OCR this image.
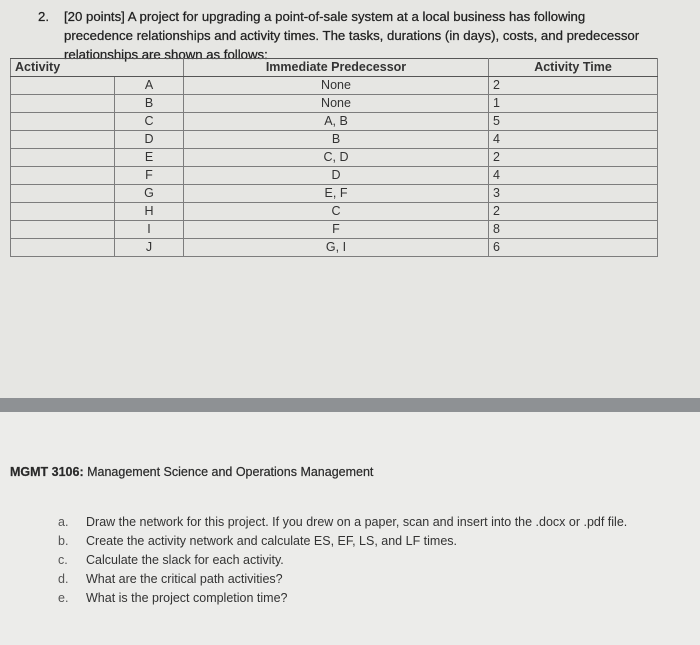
2. [20 points] A project for upgrading a point-of-sale system at a local business has following precedence relationships and activity times. The tasks, durations (in days), costs, and predecessor relationships are shown as follows:
Activity		Immediate Predecessor	Activity Time
	A	None	2
	B	None	1
	C	A, B	5
	D	B	4
	E	C, D	2
	F	D	4
	G	E, F	3
	H	C	2
	I	F	8
	J	G, I	6
MGMT 3106: Management Science and Operations Management
a. Draw the network for this project. If you drew on a paper, scan and insert into the .docx or .pdf file.
b. Create the activity network and calculate ES, EF, LS, and LF times.
c. Calculate the slack for each activity.
d. What are the critical path activities?
e. What is the project completion time?
